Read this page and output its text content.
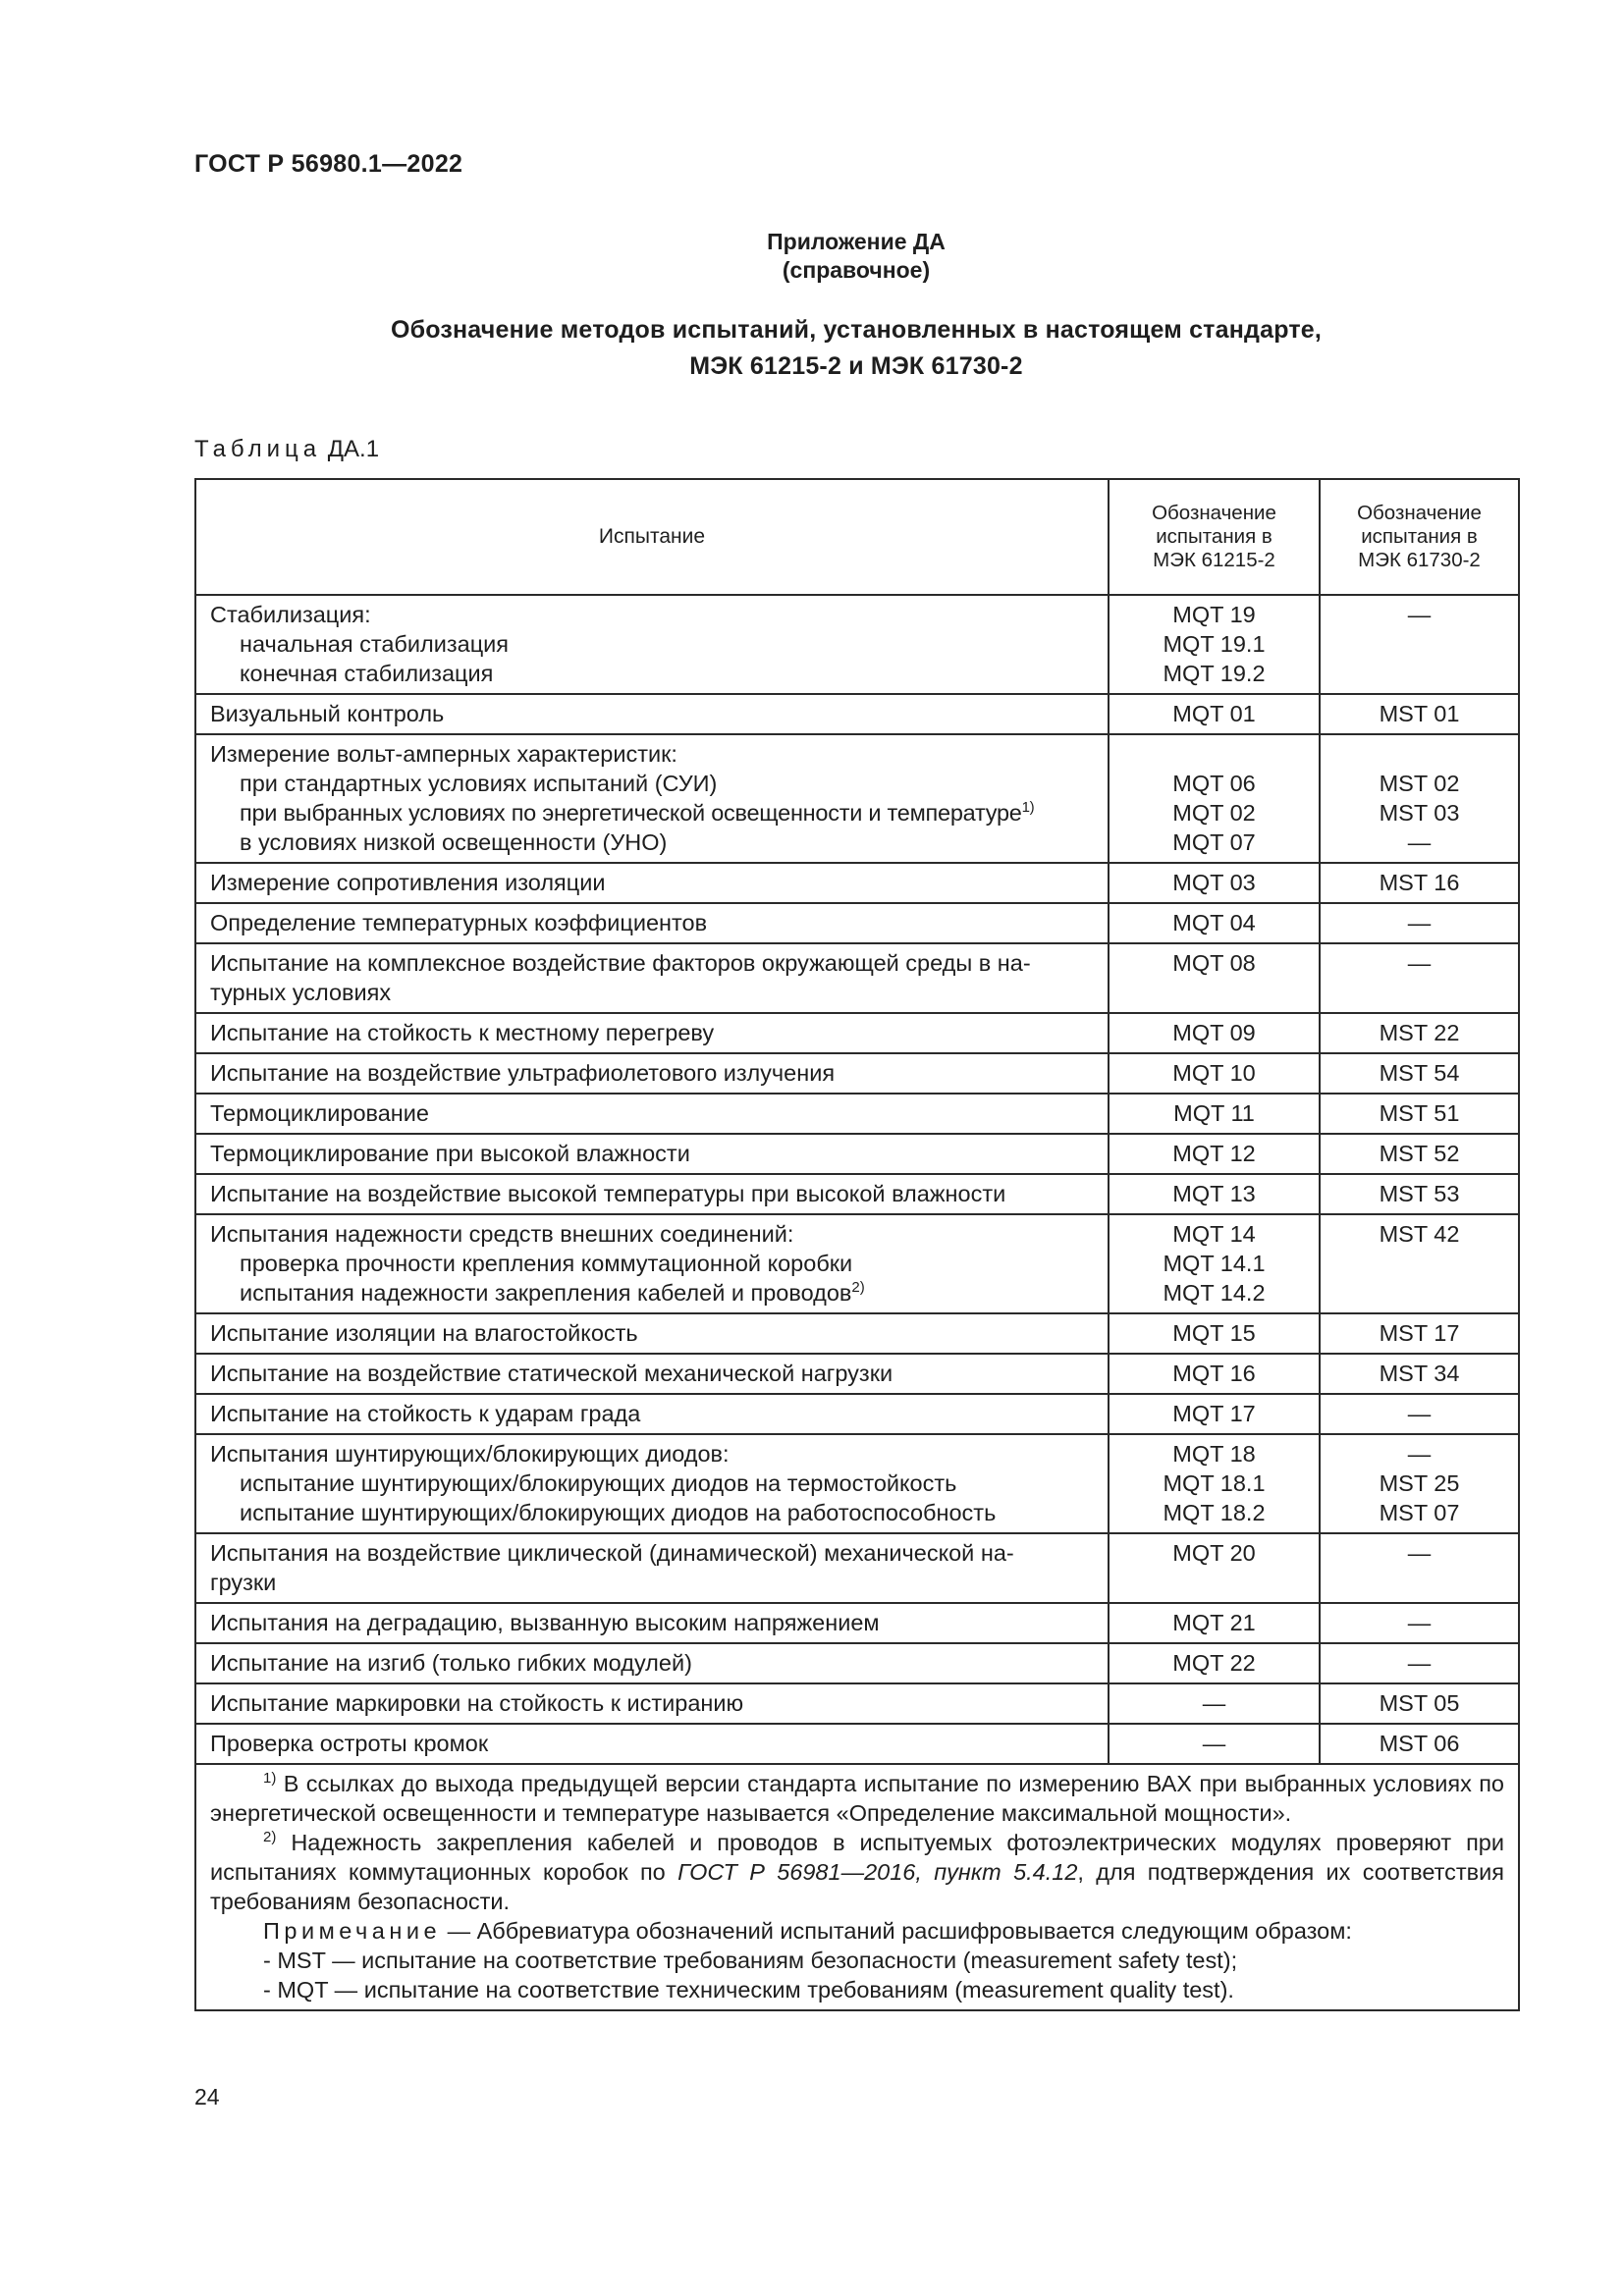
ГОСТ Р 56980.1—2022
Приложение ДА
(справочное)
Обозначение методов испытаний, установленных в настоящем стандарте,
МЭК 61215-2 и МЭК 61730-2
Таблица ДА.1
Испытание	Обозначение
испытания в
МЭК 61215-2	Обозначение
испытания в
МЭК 61730-2

Стабилизация:
начальная стабилизация
конечная стабилизация	MQT 19
MQT 19.1
MQT 19.2	—

Визуальный контроль	MQT 01	MST 01

Измерение вольт-амперных характеристик:
при стандартных условиях испытаний (СУИ)
при выбранных условиях по энергетической освещенности и температуре$^{1)}$
в условиях низкой освещенности (УНО)	MQT 06
MQT 02
MQT 07	MST 02
MST 03
—

Измерение сопротивления изоляции	MQT 03	MST 16

Определение температурных коэффициентов	MQT 04	—

Испытание на комплексное воздействие факторов окружающей среды в на-
турных условиях	MQT 08	—

Испытание на стойкость к местному перегреву	MQT 09	MST 22

Испытание на воздействие ультрафиолетового излучения	MQT 10	MST 54

Термоциклирование	MQT 11	MST 51

Термоциклирование при высокой влажности	MQT 12	MST 52

Испытание на воздействие высокой температуры при высокой влажности	MQT 13	MST 53

Испытания надежности средств внешних соединений:
проверка прочности крепления коммутационной коробки
испытания надежности закрепления кабелей и проводов$^{2)}$	MQT 14
MQT 14.1
MQT 14.2	MST 42

Испытание изоляции на влагостойкость	MQT 15	MST 17

Испытание на воздействие статической механической нагрузки	MQT 16	MST 34

Испытание на стойкость к ударам града	MQT 17	—

Испытания шунтирующих/блокирующих диодов:
испытание шунтирующих/блокирующих диодов на термостойкость
испытание шунтирующих/блокирующих диодов на работоспособность	MQT 18
MQT 18.1
MQT 18.2	—
MST 25
MST 07

Испытания на воздействие циклической (динамической) механической на-
грузки	MQT 20	—

Испытания на деградацию, вызванную высоким напряжением	MQT 21	—

Испытание на изгиб (только гибких модулей)	MQT 22	—

Испытание маркировки на стойкость к истиранию	—	MST 05

Проверка остроты кромок	—	MST 06

$^{1)}$ В ссылках до выхода предыдущей версии стандарта испытание по измерению ВАХ при выбранных условиях по энергетической освещенности и температуре называется «Определение максимальной мощности».
$^{2)}$ Надежность закрепления кабелей и проводов в испытуемых фотоэлектрических модулях проверяют при испытаниях коммутационных коробок по ГОСТ Р 56981—2016, пункт 5.4.12, для подтверждения их соответствия требованиям безопасности.
Примечание — Аббревиатура обозначений испытаний расшифровывается следующим образом:
- MST — испытание на соответствие требованиям безопасности (measurement safety test);
- MQT — испытание на соответствие техническим требованиям (measurement quality test).		
24
